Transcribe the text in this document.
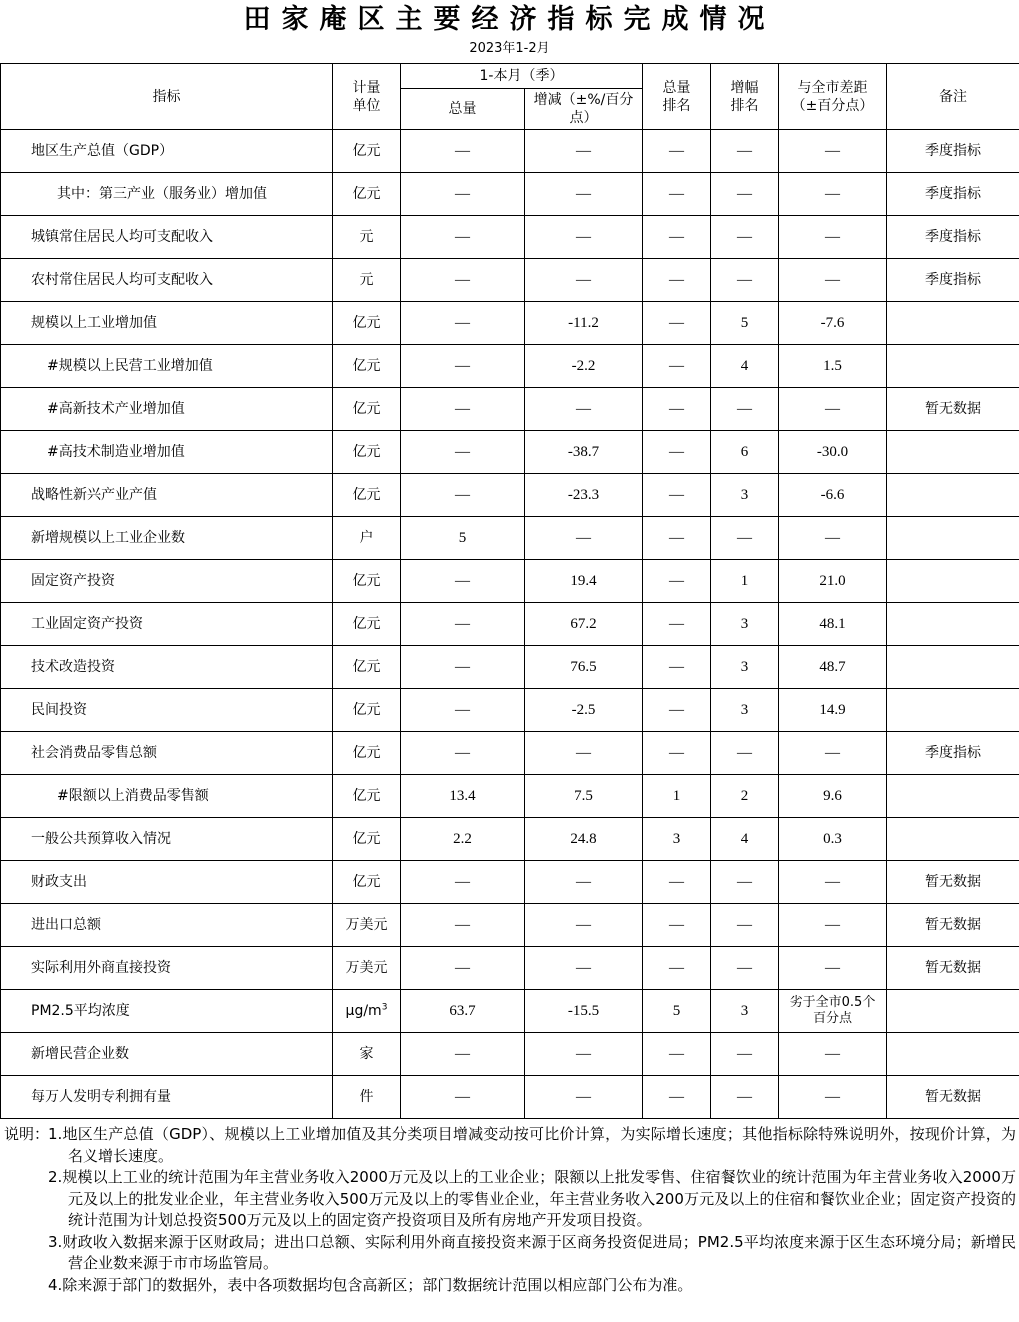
田家庵区主要经济指标完成情况
2023年1-2月
指标	计量单位	1-本月（季）		总量排名	增幅排名	与全市差距（±百分点）	备注
		总量	增减（±%/百分点）				
地区生产总值（GDP）	亿元	—	—	—	—	—	季度指标
其中：第三产业（服务业）增加值	亿元	—	—	—	—	—	季度指标
城镇常住居民人均可支配收入	元	—	—	—	—	—	季度指标
农村常住居民人均可支配收入	元	—	—	—	—	—	季度指标
规模以上工业增加值	亿元	—	-11.2	—	5	-7.6	
#规模以上民营工业增加值	亿元	—	-2.2	—	4	1.5	
#高新技术产业增加值	亿元	—	—	—	—	—	暂无数据
#高技术制造业增加值	亿元	—	-38.7	—	6	-30.0	
战略性新兴产业产值	亿元	—	-23.3	—	3	-6.6	
新增规模以上工业企业数	户	5	—	—	—	—	
固定资产投资	亿元	—	19.4	—	1	21.0	
工业固定资产投资	亿元	—	67.2	—	3	48.1	
技术改造投资	亿元	—	76.5	—	3	48.7	
民间投资	亿元	—	-2.5	—	3	14.9	
社会消费品零售总额	亿元	—	—	—	—	—	季度指标
#限额以上消费品零售额	亿元	13.4	7.5	1	2	9.6	
一般公共预算收入情况	亿元	2.2	24.8	3	4	0.3	
财政支出	亿元	—	—	—	—	—	暂无数据
进出口总额	万美元	—	—	—	—	—	暂无数据
实际利用外商直接投资	万美元	—	—	—	—	—	暂无数据
PM2.5平均浓度	$\mu g/m^3$	63.7	-15.5	5	3	劣于全市0.5个百分点	
新增民营企业数	家	—	—	—	—	—	
每万人发明专利拥有量	件	—	—	—	—	—	暂无数据
说明：
1.地区生产总值（GDP）、规模以上工业增加值及其分类项目增减变动按可比价计算，为实际增长速度；其他指标除特殊说明外，按现价计算，为名义增长速度。
2.规模以上工业的统计范围为年主营业务收入2000万元及以上的工业企业；限额以上批发零售、住宿餐饮业的统计范围为年主营业务收入2000万元及以上的批发业企业，年主营业务收入500万元及以上的零售业企业，年主营业务收入200万元及以上的住宿和餐饮业企业；固定资产投资的统计范围为计划总投资500万元及以上的固定资产投资项目及所有房地产开发项目投资。
3.财政收入数据来源于区财政局；进出口总额、实际利用外商直接投资来源于区商务投资促进局；PM2.5平均浓度来源于区生态环境分局；新增民营企业数来源于市市场监管局。
4.除来源于部门的数据外，表中各项数据均包含高新区；部门数据统计范围以相应部门公布为准。
